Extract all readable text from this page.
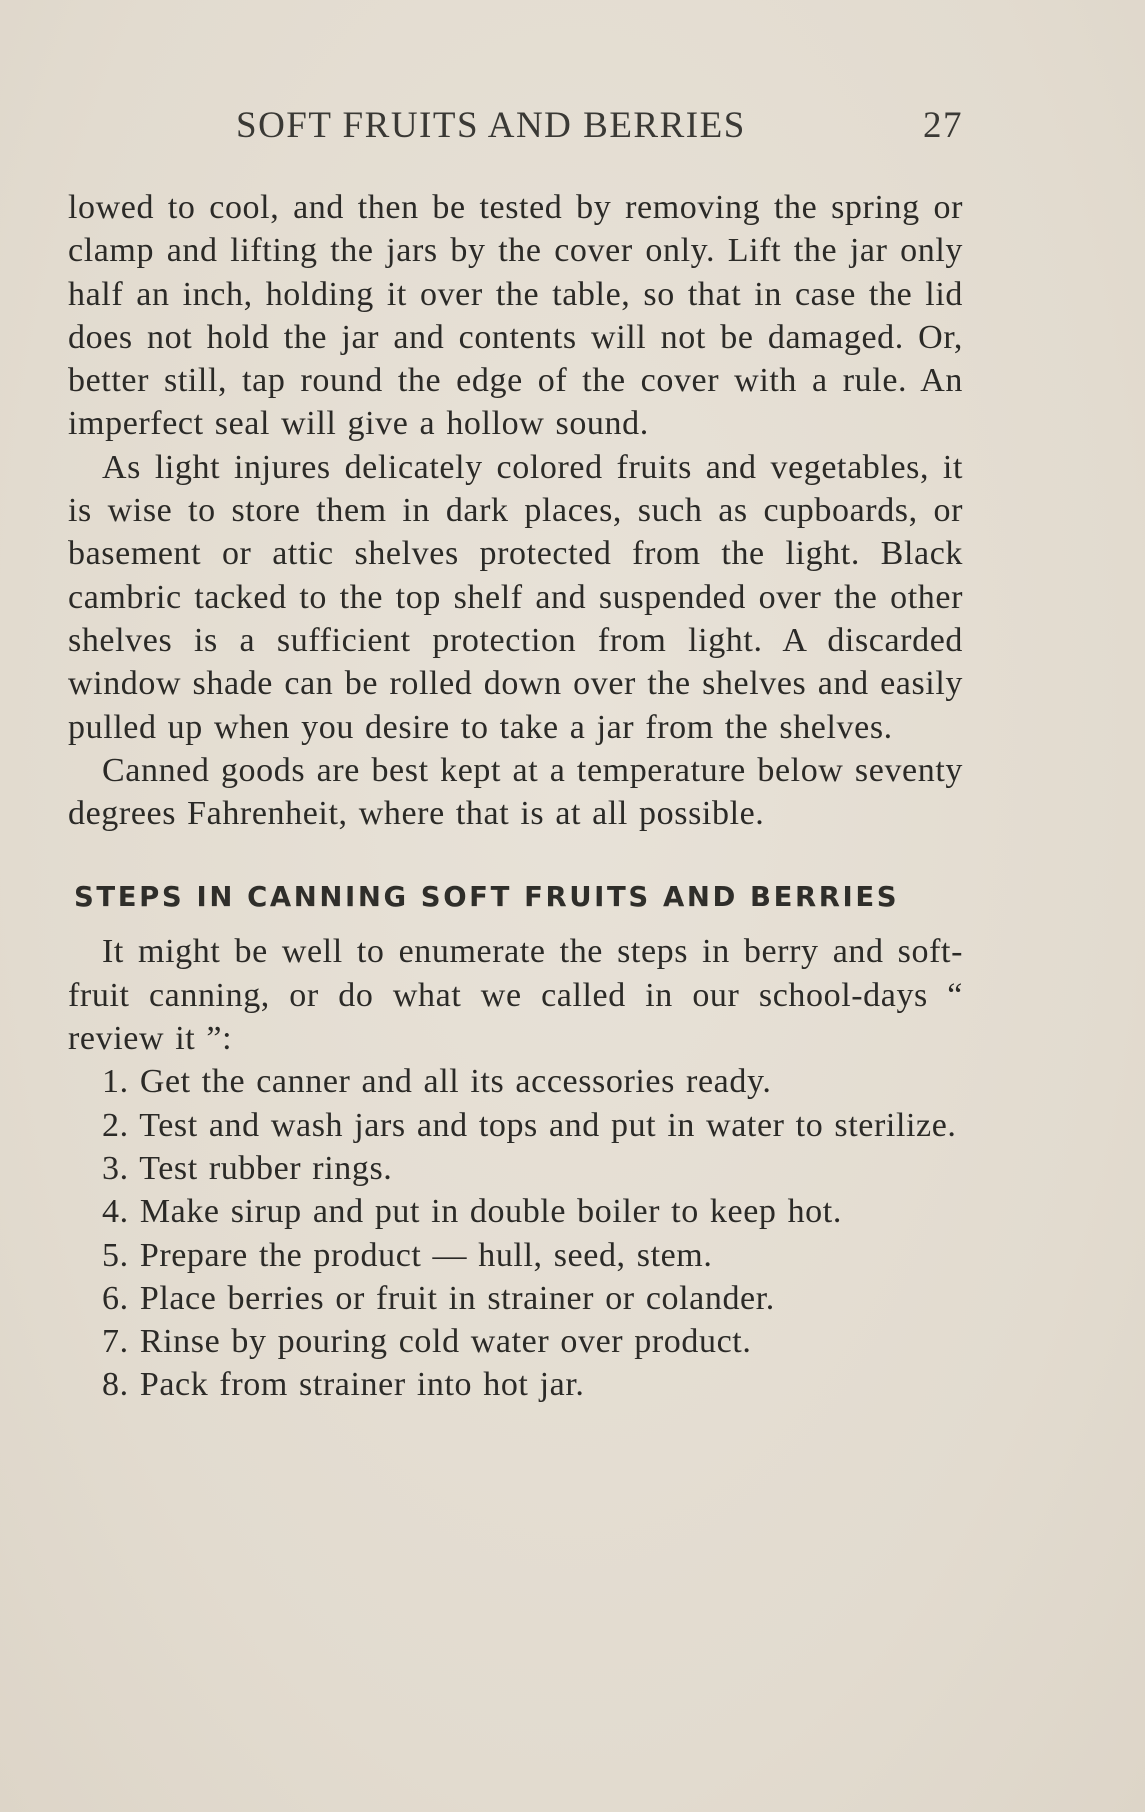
SOFT FRUITS AND BERRIES	27

lowed to cool, and then be tested by removing the spring or clamp and lifting the jars by the cover only. Lift the jar only half an inch, holding it over the table, so that in case the lid does not hold the jar and contents will not be damaged. Or, better still, tap round the edge of the cover with a rule. An imperfect seal will give a hollow sound.

As light injures delicately colored fruits and vegetables, it is wise to store them in dark places, such as cupboards, or basement or attic shelves protected from the light. Black cambric tacked to the top shelf and suspended over the other shelves is a sufficient protection from light. A discarded window shade can be rolled down over the shelves and easily pulled up when you desire to take a jar from the shelves.

Canned goods are best kept at a temperature below seventy degrees Fahrenheit, where that is at all possible.

STEPS IN CANNING SOFT FRUITS AND BERRIES

It might be well to enumerate the steps in berry and soft-fruit canning, or do what we called in our school-days “ review it ”:

1. Get the canner and all its accessories ready.
2. Test and wash jars and tops and put in water to sterilize.
3. Test rubber rings.
4. Make sirup and put in double boiler to keep hot.
5. Prepare the product — hull, seed, stem.
6. Place berries or fruit in strainer or colander.
7. Rinse by pouring cold water over product.
8. Pack from strainer into hot jar.
